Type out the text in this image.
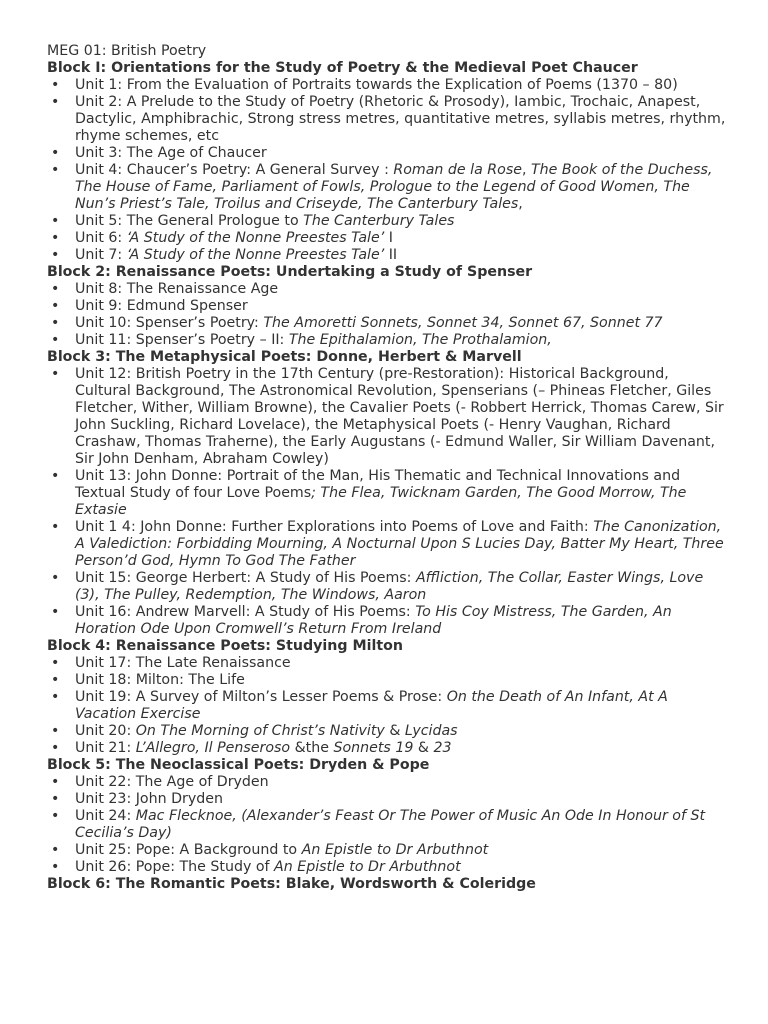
MEG 01: British Poetry

Block I: Orientations for the Study of Poetry & the Medieval Poet Chaucer

• Unit 1: From the Evaluation of Portraits towards the Explication of Poems (1370 – 80)
• Unit 2: A Prelude to the Study of Poetry (Rhetoric & Prosody), Iambic, Trochaic, Anapest, Dactylic, Amphibrachic, Strong stress metres, quantitative metres, syllabis metres, rhythm, rhyme schemes, etc
• Unit 3: The Age of Chaucer
• Unit 4: Chaucer’s Poetry: A General Survey : Roman de la Rose, The Book of the Duchess, The House of Fame, Parliament of Fowls, Prologue to the Legend of Good Women, The Nun’s Priest’s Tale, Troilus and Criseyde, The Canterbury Tales,
• Unit 5: The General Prologue to The Canterbury Tales
• Unit 6: ‘A Study of the Nonne Preestes Tale’ I
• Unit 7: ‘A Study of the Nonne Preestes Tale’ II

Block 2: Renaissance Poets: Undertaking a Study of Spenser

• Unit 8: The Renaissance Age
• Unit 9: Edmund Spenser
• Unit 10: Spenser’s Poetry: The Amoretti Sonnets, Sonnet 34, Sonnet 67, Sonnet 77
• Unit 11: Spenser’s Poetry – II: The Epithalamion, The Prothalamion,

Block 3: The Metaphysical Poets: Donne, Herbert & Marvell

• Unit 12: British Poetry in the 17th Century (pre-Restoration): Historical Background, Cultural Background, The Astronomical Revolution, Spenserians (– Phineas Fletcher, Giles Fletcher, Wither, William Browne), the Cavalier Poets (- Robbert Herrick, Thomas Carew, Sir John Suckling, Richard Lovelace), the Metaphysical Poets (- Henry Vaughan, Richard Crashaw, Thomas Traherne), the Early Augustans (- Edmund Waller, Sir William Davenant, Sir John Denham, Abraham Cowley)
• Unit 13: John Donne: Portrait of the Man, His Thematic and Technical Innovations and Textual Study of four Love Poems; The Flea, Twicknam Garden, The Good Morrow, The Extasie
• Unit 1 4: John Donne: Further Explorations into Poems of Love and Faith: The Canonization, A Valediction: Forbidding Mourning, A Nocturnal Upon S Lucies Day, Batter My Heart, Three Person’d God, Hymn To God The Father
• Unit 15: George Herbert: A Study of His Poems: Affliction, The Collar, Easter Wings, Love (3), The Pulley, Redemption, The Windows, Aaron
• Unit 16: Andrew Marvell: A Study of His Poems: To His Coy Mistress, The Garden, An Horation Ode Upon Cromwell’s Return From Ireland

Block 4: Renaissance Poets: Studying Milton

• Unit 17: The Late Renaissance
• Unit 18: Milton: The Life
• Unit 19: A Survey of Milton’s Lesser Poems & Prose: On the Death of An Infant, At A Vacation Exercise
• Unit 20: On The Morning of Christ’s Nativity & Lycidas
• Unit 21: L’Allegro, Il Penseroso &the Sonnets 19 & 23

Block 5: The Neoclassical Poets: Dryden & Pope

• Unit 22: The Age of Dryden
• Unit 23: John Dryden
• Unit 24: Mac Flecknoe, (Alexander’s Feast Or The Power of Music An Ode In Honour of St Cecilia’s Day)
• Unit 25: Pope: A Background to An Epistle to Dr Arbuthnot
• Unit 26: Pope: The Study of An Epistle to Dr Arbuthnot

Block 6: The Romantic Poets: Blake, Wordsworth & Coleridge
